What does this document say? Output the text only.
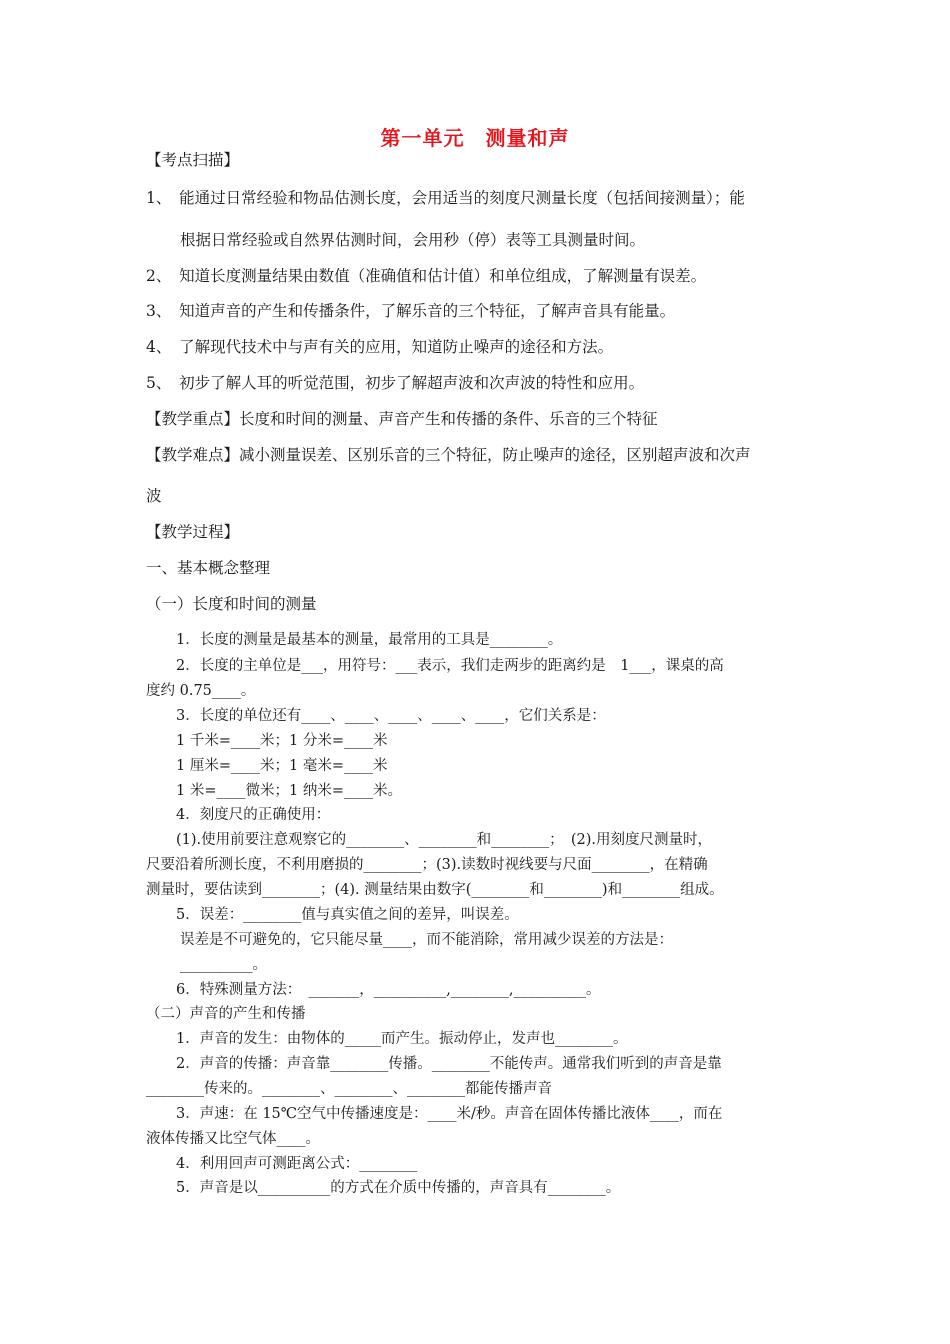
第一单元　测量和声
【考点扫描】
1、　能通过日常经验和物品估测长度，会用适当的刻度尺测量长度（包括间接测量）；能
根据日常经验或自然界估测时间，会用秒（停）表等工具测量时间。
2、　知道长度测量结果由数值（准确值和估计值）和单位组成，了解测量有误差。
3、　知道声音的产生和传播条件，了解乐音的三个特征，了解声音具有能量。
4、　了解现代技术中与声有关的应用，知道防止噪声的途径和方法。
5、　初步了解人耳的听觉范围，初步了解超声波和次声波的特性和应用。
【教学重点】长度和时间的测量、声音产生和传播的条件、乐音的三个特征
【教学难点】减小测量误差、区别乐音的三个特征，防止噪声的途径，区别超声波和次声
波
【教学过程】
一、基本概念整理
（一）长度和时间的测量
1．长度的测量是最基本的测量，最常用的工具是________。
2．长度的主单位是___，用符号：___表示，我们走两步的距离约是　1___，课桌的高
度约 0.75____。
3．长度的单位还有____、____、____、____、____，它们关系是：
1 千米=____米；1 分米=____米
1 厘米=____米；1 毫米=____米
1 米=____微米；1 纳米=____米。
4．刻度尺的正确使用：
(1).使用前要注意观察它的________、________和________；　(2).用刻度尺测量时，
尺要沿着所测长度，不利用磨损的________；(3).读数时视线要与尺面________，在精确
测量时，要估读到________；(4). 测量结果由数字(________和________)和________组成。
5．误差：________值与真实值之间的差异，叫误差。
误差是不可避免的，它只能尽量____，而不能消除，常用减少误差的方法是：
__________。
6．特殊测量方法：　_______，__________,________,__________。
（二）声音的产生和传播
1．声音的发生：由物体的_____而产生。振动停止，发声也________。
2．声音的传播：声音靠________传播。________不能传声。通常我们听到的声音是靠
________传来的。________、________、________都能传播声音
3．声速：在 15℃空气中传播速度是：____米/秒。声音在固体传播比液体____，而在
液体传播又比空气体____。
4．利用回声可测距离公式：________
5．声音是以__________的方式在介质中传播的，声音具有________。
